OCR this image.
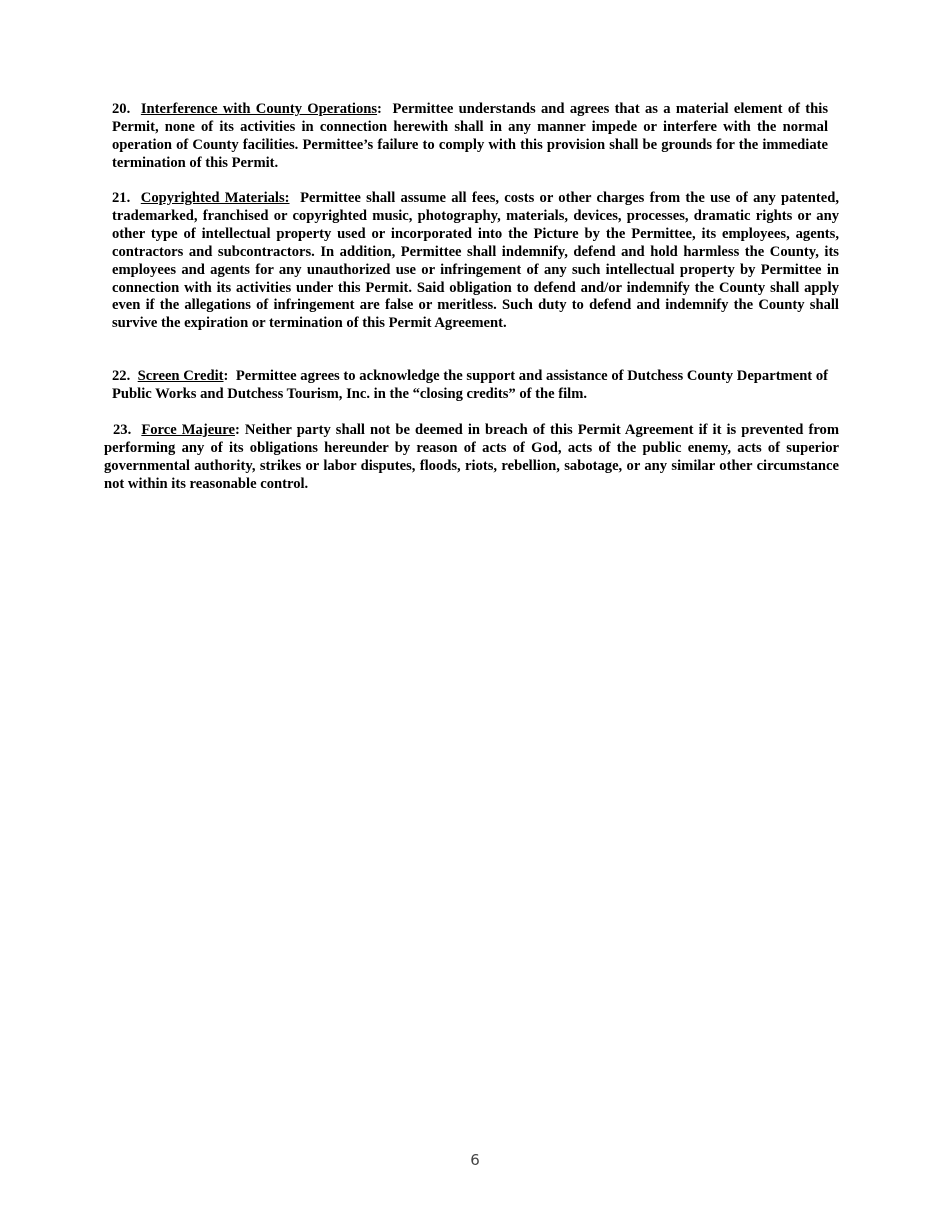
20. Interference with County Operations: Permittee understands and agrees that as a material element of this Permit, none of its activities in connection herewith shall in any manner impede or interfere with the normal operation of County facilities. Permittee’s failure to comply with this provision shall be grounds for the immediate termination of this Permit.

21. Copyrighted Materials: Permittee shall assume all fees, costs or other charges from the use of any patented, trademarked, franchised or copyrighted music, photography, materials, devices, processes, dramatic rights or any other type of intellectual property used or incorporated into the Picture by the Permittee, its employees, agents, contractors and subcontractors. In addition, Permittee shall indemnify, defend and hold harmless the County, its employees and agents for any unauthorized use or infringement of any such intellectual property by Permittee in connection with its activities under this Permit. Said obligation to defend and/or indemnify the County shall apply even if the allegations of infringement are false or meritless. Such duty to defend and indemnify the County shall survive the expiration or termination of this Permit Agreement.

22. Screen Credit: Permittee agrees to acknowledge the support and assistance of Dutchess County Department of Public Works and Dutchess Tourism, Inc. in the “closing credits” of the film.

23. Force Majeure: Neither party shall not be deemed in breach of this Permit Agreement if it is prevented from performing any of its obligations hereunder by reason of acts of God, acts of the public enemy, acts of superior governmental authority, strikes or labor disputes, floods, riots, rebellion, sabotage, or any similar other circumstance not within its reasonable control.

6
